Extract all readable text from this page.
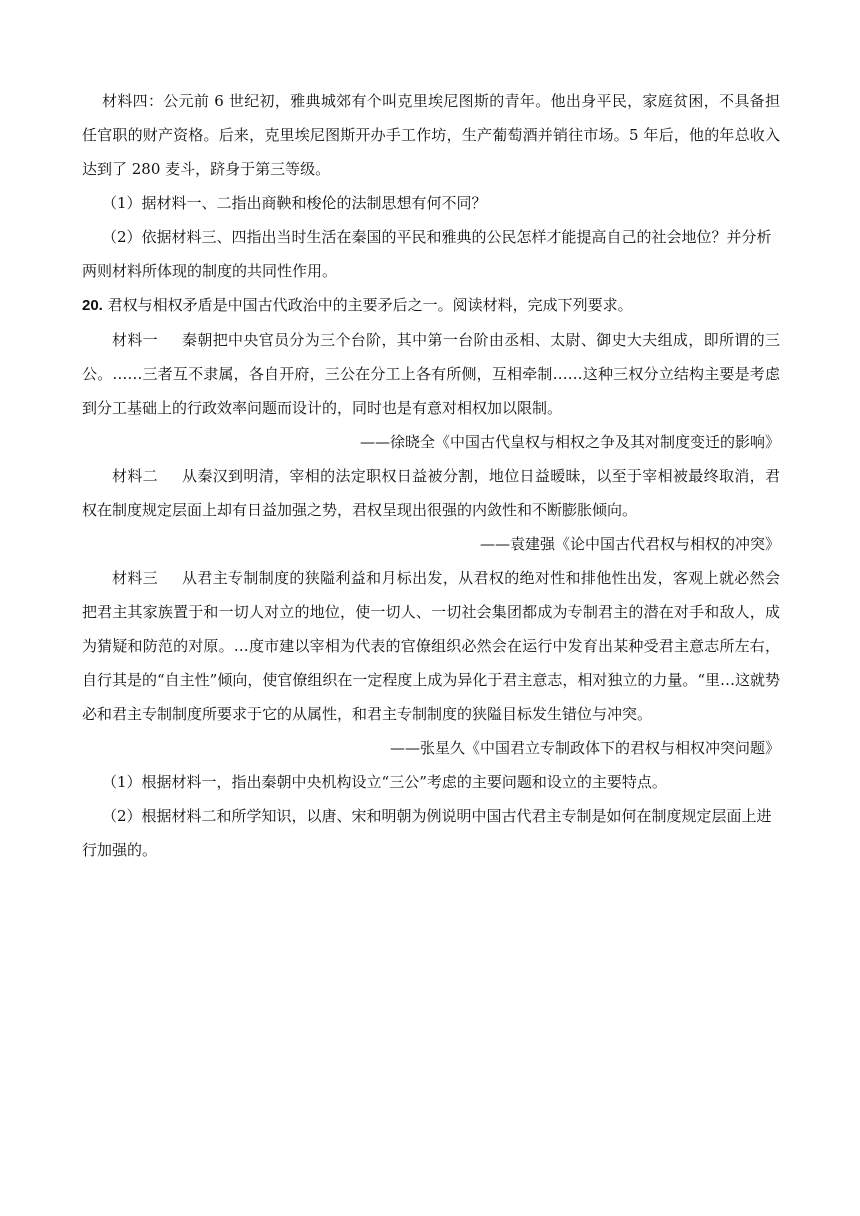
材料四：公元前 6 世纪初，雅典城郊有个叫克里埃尼图斯的青年。他出身平民，家庭贫困，不具备担任官职的财产资格。后来，克里埃尼图斯开办手工作坊，生产葡萄酒并销往市场。5 年后，他的年总收入达到了 280 麦斗，跻身于第三等级。

（1）据材料一、二指出商鞅和梭伦的法制思想有何不同？

（2）依据材料三、四指出当时生活在秦国的平民和雅典的公民怎样才能提高自己的社会地位？并分析两则材料所体现的制度的共同性作用。

20. 君权与相权矛盾是中国古代政治中的主要矛后之一。阅读材料，完成下列要求。

材料一 秦朝把中央官员分为三个台阶，其中第一台阶由丞相、太尉、御史大夫组成，即所谓的三公。……三者互不隶属，各自开府，三公在分工上各有所侧，互相牵制……这种三权分立结构主要是考虑到分工基础上的行政效率问题而设计的，同时也是有意对相权加以限制。

——徐晓全《中国古代皇权与相权之争及其对制度变迁的影响》

材料二 从秦汉到明清，宰相的法定职权日益被分割，地位日益暧昧，以至于宰相被最终取消，君权在制度规定层面上却有日益加强之势，君权呈现出很强的内敛性和不断膨胀倾向。

——袁建强《论中国古代君权与相权的冲突》

材料三 从君主专制制度的狭隘利益和月标出发，从君权的绝对性和排他性出发，客观上就必然会把君主其家族置于和一切人对立的地位，使一切人、一切社会集团都成为专制君主的潜在对手和敌人，成为猜疑和防范的对原。…度市建以宰相为代表的官僚组织必然会在运行中发育出某种受君主意志所左右，自行其是的“自主性”倾向，使官僚组织在一定程度上成为异化于君主意志，相对独立的力量。“里…这就势必和君主专制制度所要求于它的从属性，和君主专制制度的狭隘目标发生错位与冲突。

——张星久《中国君立专制政体下的君权与相权冲突问题》

（1）根据材料一，指出秦朝中央机构设立“三公”考虑的主要问题和设立的主要特点。

（2）根据材料二和所学知识，以唐、宋和明朝为例说明中国古代君主专制是如何在制度规定层面上进行加强的。
